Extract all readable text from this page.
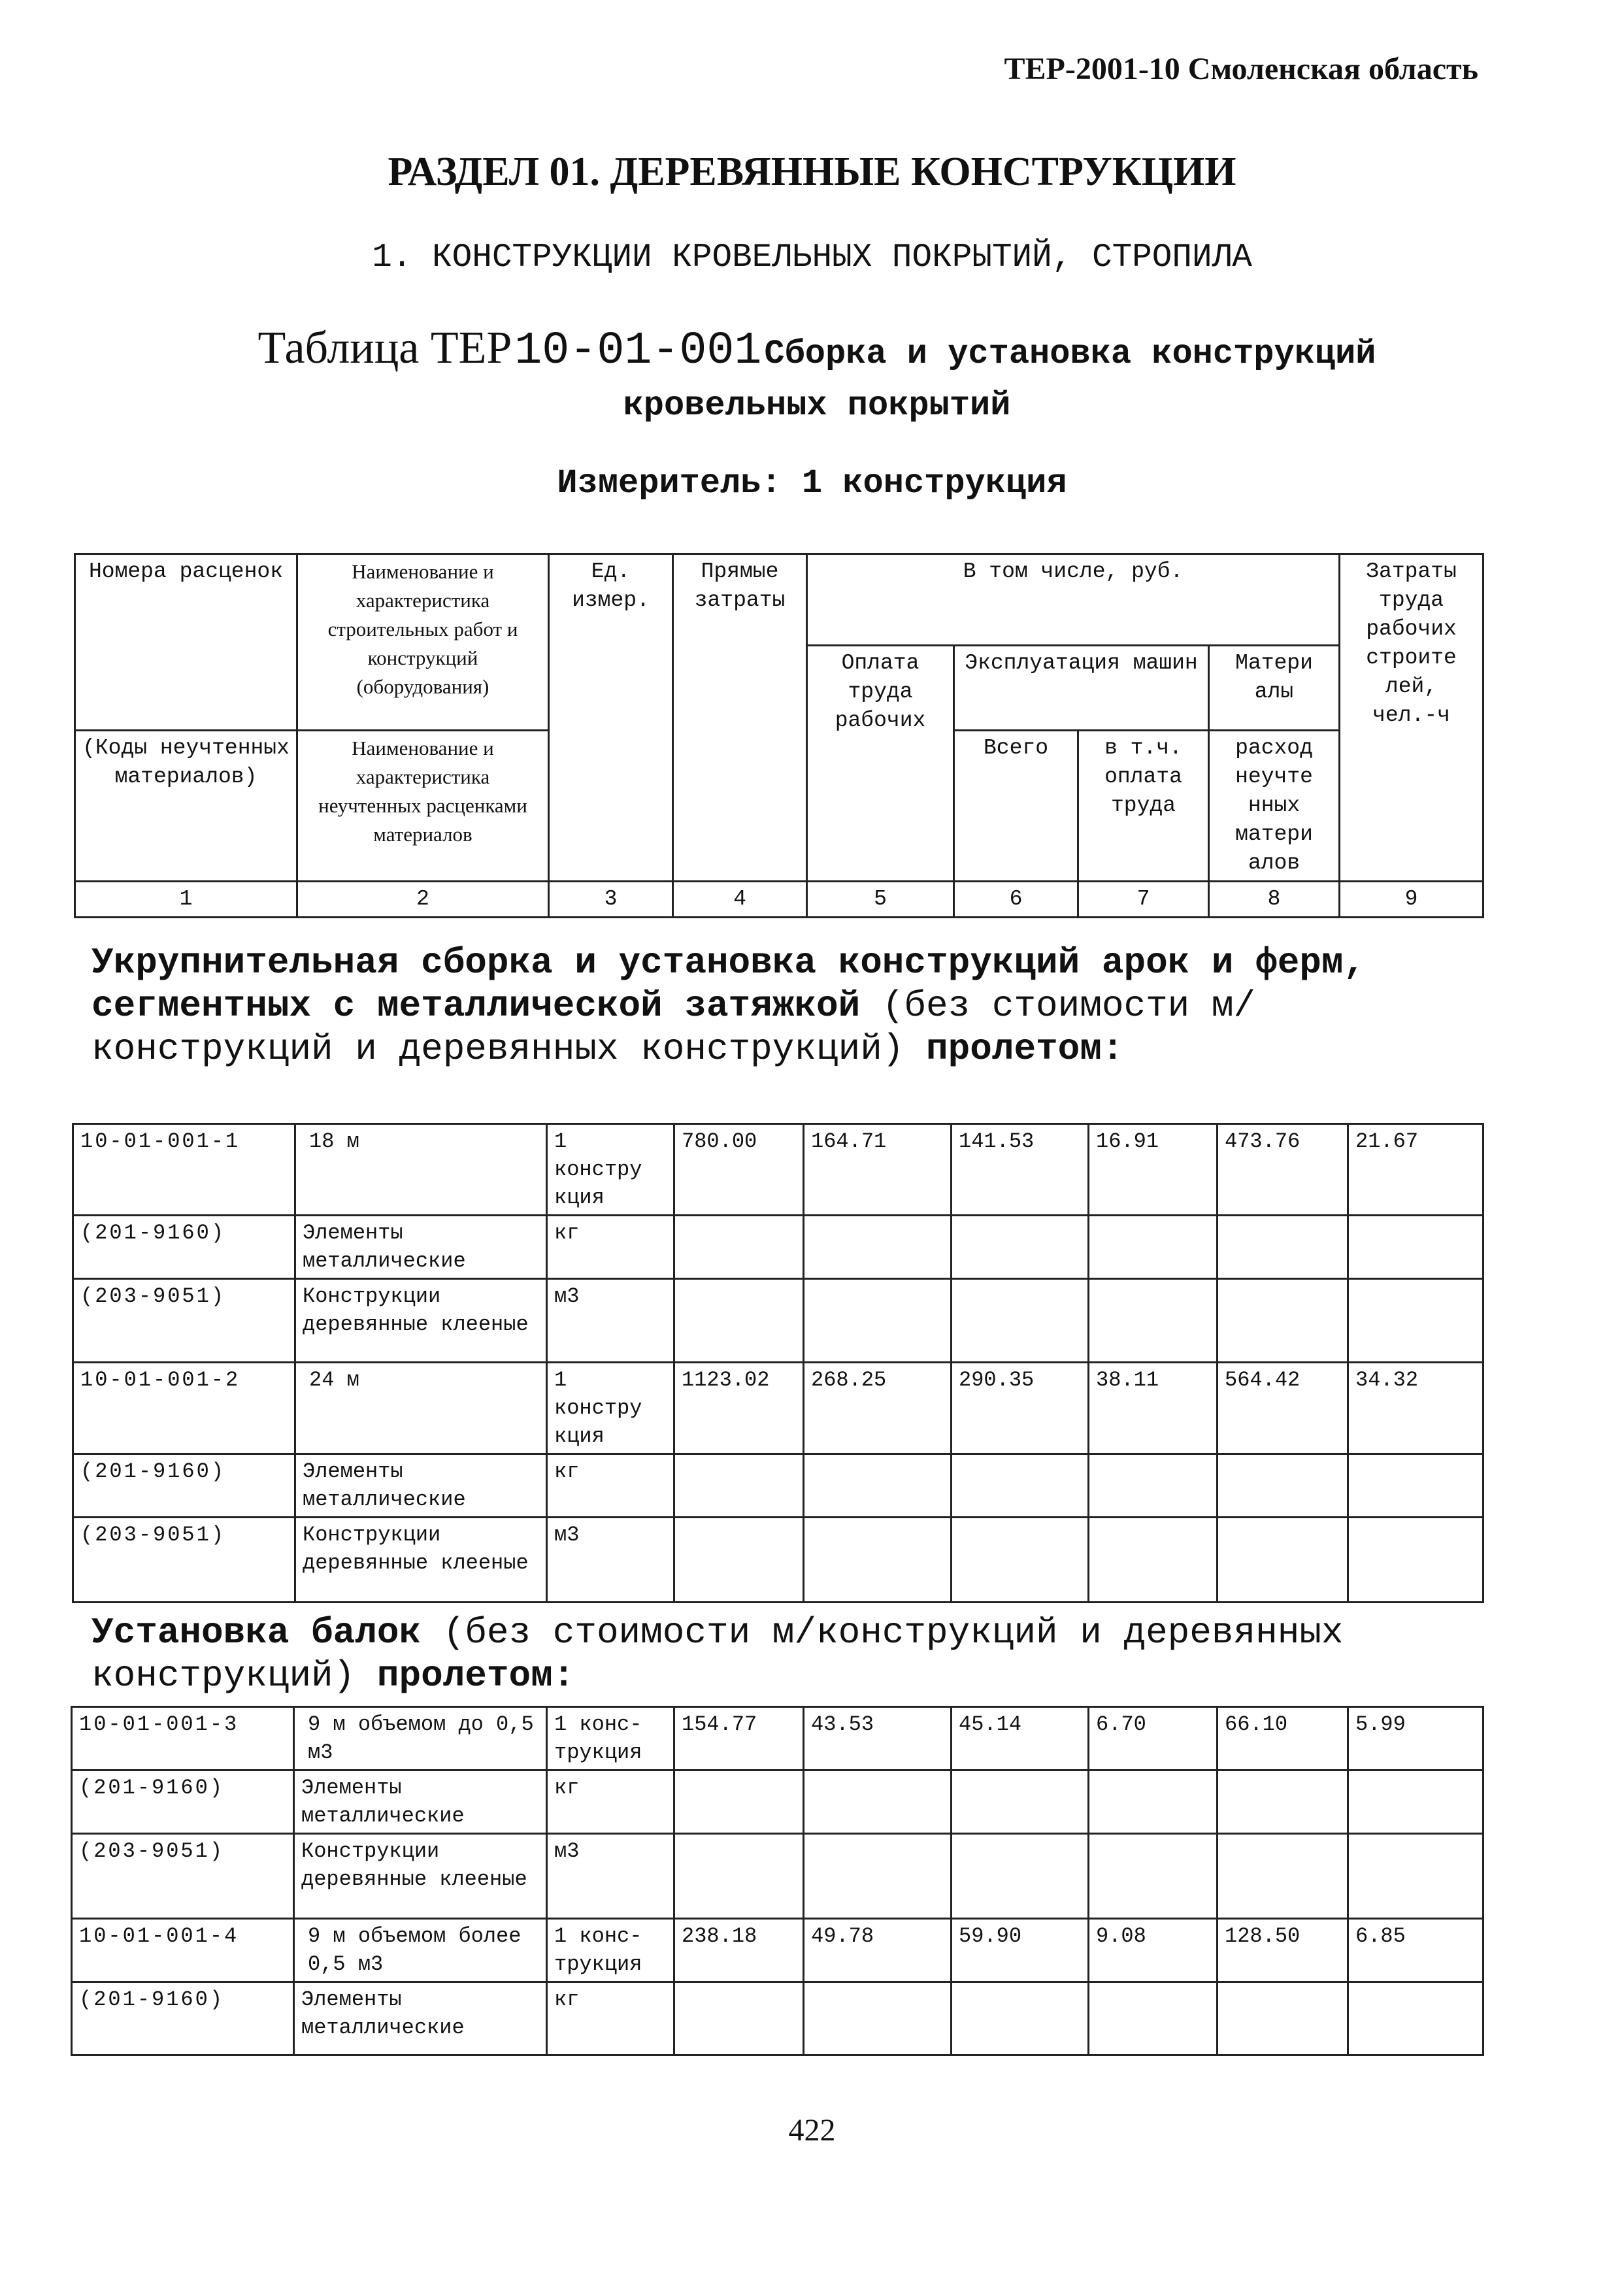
ТЕР-2001-10 Смоленская область
РАЗДЕЛ 01. ДЕРЕВЯННЫЕ КОНСТРУКЦИИ
1. КОНСТРУКЦИИ КРОВЕЛЬНЫХ ПОКРЫТИЙ, СТРОПИЛА
Таблица ТЕР 10-01-001 Сборка и установка конструкций
кровельных покрытий
Измеритель: 1 конструкция
Номера расценок	Наименование и характеристика строительных работ и конструкций (оборудования)	Ед. измер.	Прямые затраты	В том числе, руб.				Затраты труда рабочих строите лей, чел.-ч
				Оплата труда рабочих	Эксплуатация машин		Матери алы	
(Коды неучтенных материалов)	Наименование и характеристика неучтенных расценками материалов				Всего	в т.ч. оплата труда	расход неучте нных матери алов	
1	2	3	4	5	6	7	8	9
Укрупнительная сборка и установка конструкций арок и ферм, сегментных с металлической затяжкой (без стоимости м/конструкций и деревянных конструкций) пролетом:
10-01-001-1	18 м	1 констру кция	780.00	164.71	141.53	16.91	473.76	21.67
(201-9160)	Элементы металлические	кг						
(203-9051)	Конструкции деревянные клееные	м3						
10-01-001-2	24 м	1 констру кция	1123.02	268.25	290.35	38.11	564.42	34.32
(201-9160)	Элементы металлические	кг						
(203-9051)	Конструкции деревянные клееные	м3						
Установка балок (без стоимости м/конструкций и деревянных конструкций) пролетом:
10-01-001-3	9 м объемом до 0,5 м3	1 конс- трукция	154.77	43.53	45.14	6.70	66.10	5.99
(201-9160)	Элементы металлические	кг						
(203-9051)	Конструкции деревянные клееные	м3						
10-01-001-4	9 м объемом более 0,5 м3	1 конс- трукция	238.18	49.78	59.90	9.08	128.50	6.85
(201-9160)	Элементы металлические	кг						
422
